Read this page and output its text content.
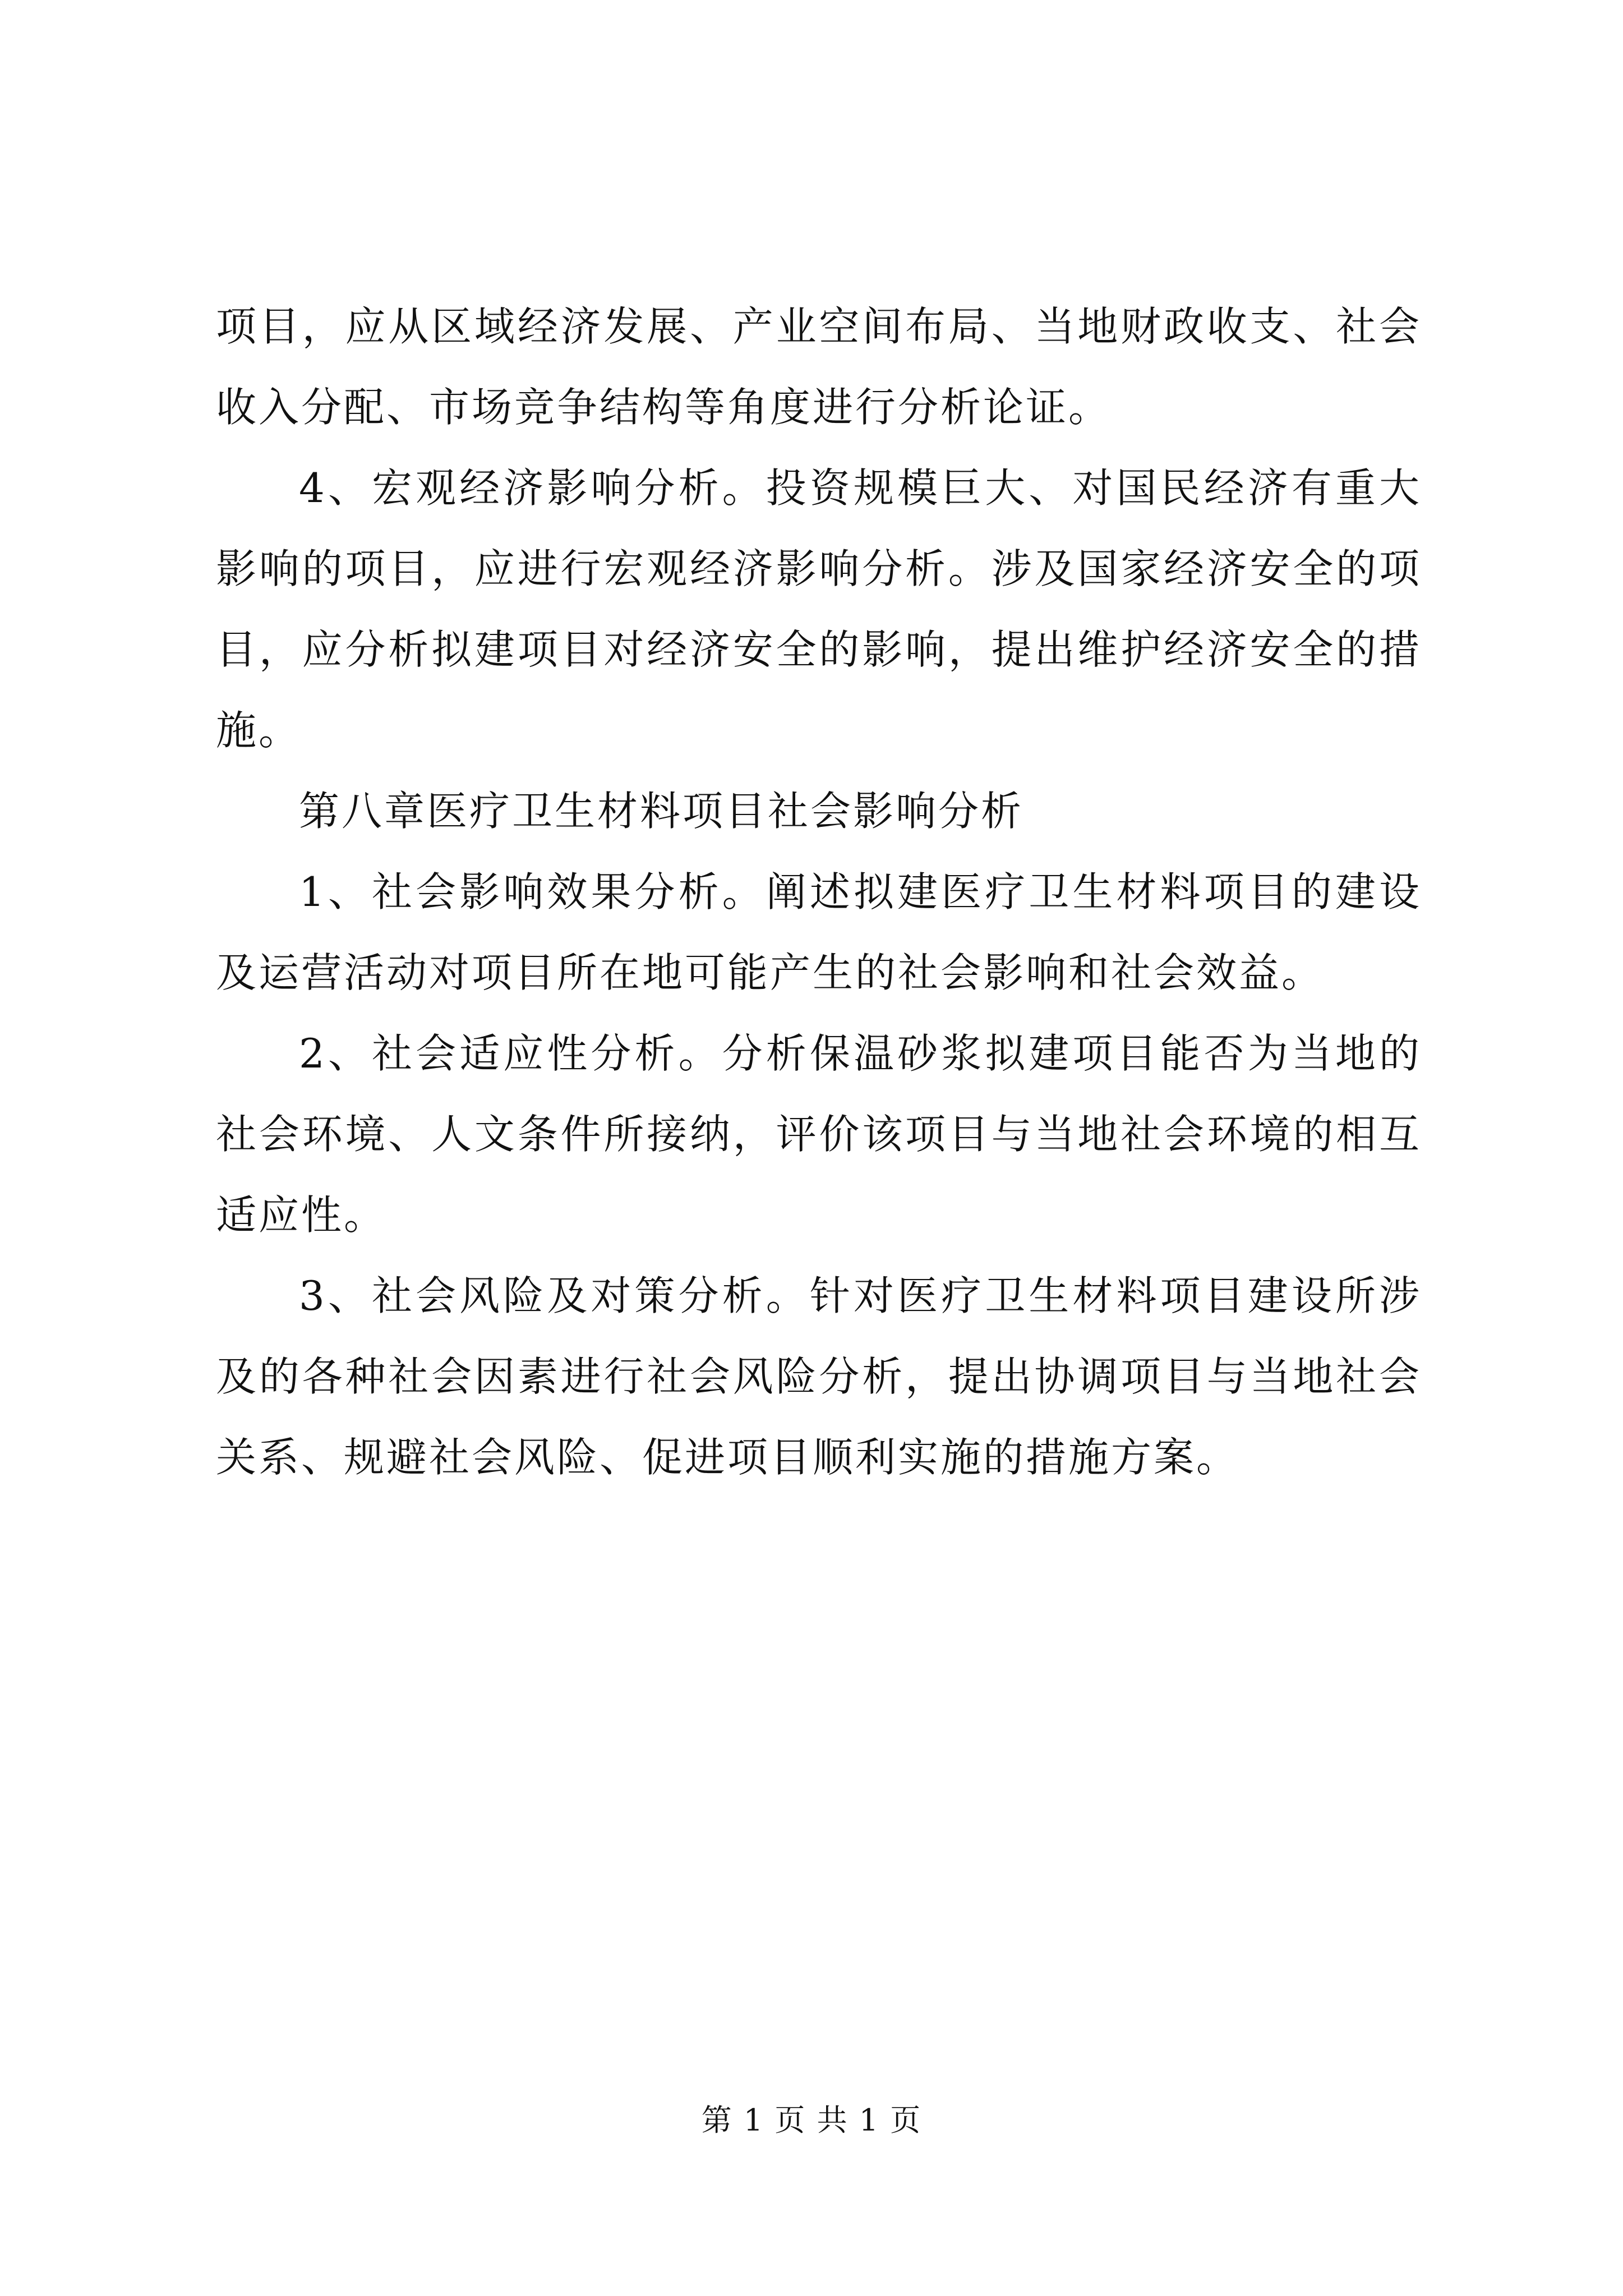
项目，应从区域经济发展、产业空间布局、当地财政收支、社会收入分配、市场竞争结构等角度进行分析论证。

4、宏观经济影响分析。投资规模巨大、对国民经济有重大影响的项目，应进行宏观经济影响分析。涉及国家经济安全的项目，应分析拟建项目对经济安全的影响，提出维护经济安全的措施。

第八章医疗卫生材料项目社会影响分析

1、社会影响效果分析。阐述拟建医疗卫生材料项目的建设及运营活动对项目所在地可能产生的社会影响和社会效益。

2、社会适应性分析。分析保温砂浆拟建项目能否为当地的社会环境、人文条件所接纳，评价该项目与当地社会环境的相互适应性。

3、社会风险及对策分析。针对医疗卫生材料项目建设所涉及的各种社会因素进行社会风险分析，提出协调项目与当地社会关系、规避社会风险、促进项目顺利实施的措施方案。

第 1 页 共 1 页
